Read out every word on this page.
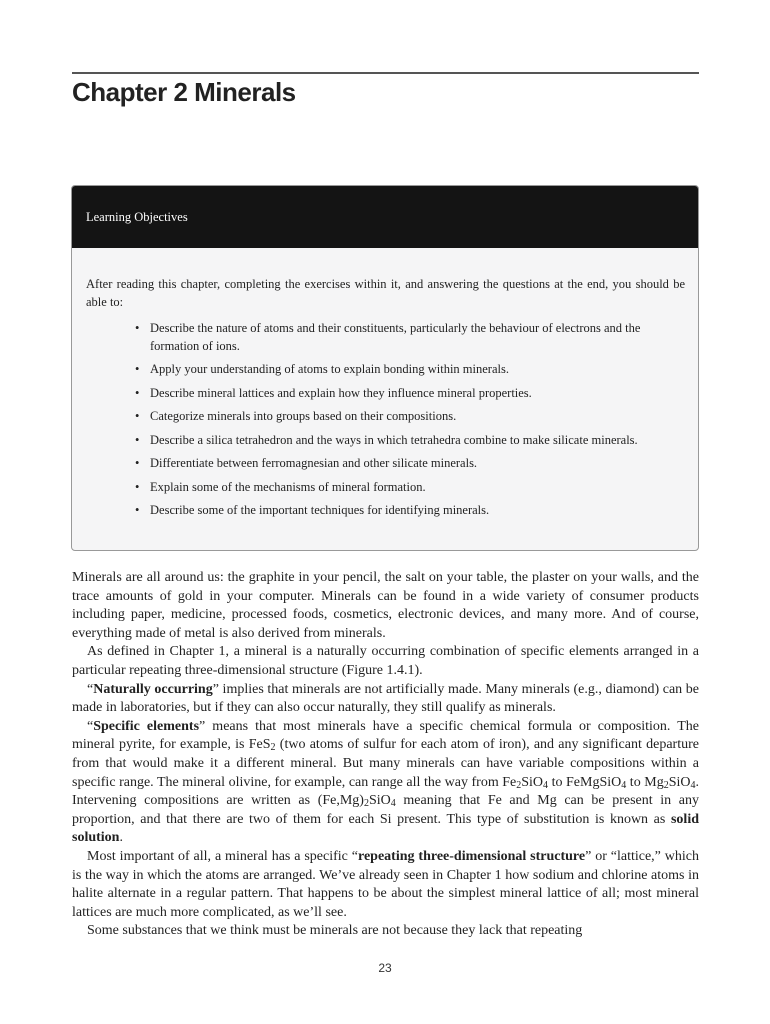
Chapter 2 Minerals
Learning Objectives

After reading this chapter, completing the exercises within it, and answering the questions at the end, you should be able to:

• Describe the nature of atoms and their constituents, particularly the behaviour of electrons and the formation of ions.
• Apply your understanding of atoms to explain bonding within minerals.
• Describe mineral lattices and explain how they influence mineral properties.
• Categorize minerals into groups based on their compositions.
• Describe a silica tetrahedron and the ways in which tetrahedra combine to make silicate minerals.
• Differentiate between ferromagnesian and other silicate minerals.
• Explain some of the mechanisms of mineral formation.
• Describe some of the important techniques for identifying minerals.

Minerals are all around us: the graphite in your pencil, the salt on your table, the plaster on your walls, and the trace amounts of gold in your computer. Minerals can be found in a wide variety of consumer products including paper, medicine, processed foods, cosmetics, electronic devices, and many more. And of course, everything made of metal is also derived from minerals.

As defined in Chapter 1, a mineral is a naturally occurring combination of specific elements arranged in a particular repeating three-dimensional structure (Figure 1.4.1).

“Naturally occurring” implies that minerals are not artificially made. Many minerals (e.g., diamond) can be made in laboratories, but if they can also occur naturally, they still qualify as minerals.

“Specific elements” means that most minerals have a specific chemical formula or composition. The mineral pyrite, for example, is FeS$_2$ (two atoms of sulfur for each atom of iron), and any significant departure from that would make it a different mineral. But many minerals can have variable compositions within a specific range. The mineral olivine, for example, can range all the way from $Fe_2SiO_4$ to FeMgSiO$_4$ to $Mg_2SiO_4$. Intervening compositions are written as $(Fe,Mg)_2SiO_4$ meaning that Fe and Mg can be present in any proportion, and that there are two of them for each Si present. This type of substitution is known as solid solution.

Most important of all, a mineral has a specific “repeating three-dimensional structure” or “lattice,” which is the way in which the atoms are arranged. We’ve already seen in Chapter 1 how sodium and chlorine atoms in halite alternate in a regular pattern. That happens to be about the simplest mineral lattice of all; most mineral lattices are much more complicated, as we’ll see.

Some substances that we think must be minerals are not because they lack that repeating

23
